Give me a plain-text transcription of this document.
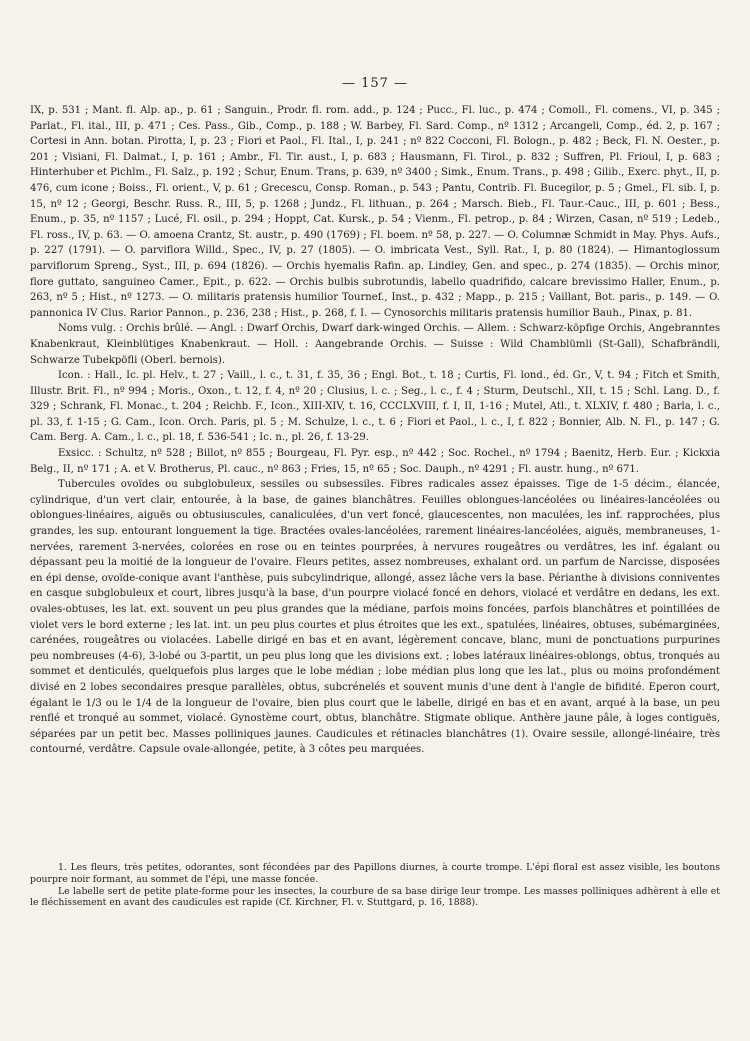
— 157 —

IX, p. 531 ; Mant. fl. Alp. ap., p. 61 ; Sanguin., Prodr. fl. rom. add., p. 124 ; Pucc., Fl. luc., p. 474 ; Comoll., Fl. comens., VI, p. 345 ; Parlat., Fl. ital., III, p. 471 ; Ces. Pass., Gib., Comp., p. 188 ; W. Barbey, Fl. Sard. Comp., nº 1312 ; Arcangeli, Comp., éd. 2, p. 167 ; Cortesi in Ann. botan. Pirotta, I, p. 23 ; Fiori et Paol., Fl. Ital., I, p. 241 ; nº 822 Cocconi, Fl. Bologn., p. 482 ; Beck, Fl. N. Oester., p. 201 ; Visiani, Fl. Dalmat., I, p. 161 ; Ambr., Fl. Tir. aust., I, p. 683 ; Hausmann, Fl. Tirol., p. 832 ; Suffren, Pl. Frioul, I, p. 683 ; Hinterhuber et Pichlm., Fl. Salz., p. 192 ; Schur, Enum. Trans, p. 639, nº 3400 ; Simk., Enum. Trans., p. 498 ; Gilib., Exerc. phyt., II, p. 476, cum icone ; Boiss., Fl. orient., V, p. 61 ; Grecescu, Consp. Roman., p. 543 ; Pantu, Contrib. Fl. Bucegilor, p. 5 ; Gmel., Fl. sib. I, p. 15, nº 12 ; Georgi, Beschr. Russ. R., III, 5, p. 1268 ; Jundz., Fl. lithuan., p. 264 ; Marsch. Bieb., Fl. Taur.-Cauc., III, p. 601 ; Bess., Enum., p. 35, nº 1157 ; Lucé, Fl. osil., p. 294 ; Hoppt, Cat. Kursk., p. 54 ; Vienm., Fl. petrop., p. 84 ; Wirzen, Casan, nº 519 ; Ledeb., Fl. ross., IV, p. 63. — O. amoena Crantz, St. austr., p. 490 (1769) ; Fl. boem. nº 58, p. 227. — O. Columnæ Schmidt in May. Phys. Aufs., p. 227 (1791). — O. parviflora Willd., Spec., IV, p. 27 (1805). — O. imbricata Vest., Syll. Rat., I, p. 80 (1824). — Himantoglossum parviflorum Spreng., Syst., III, p. 694 (1826). — Orchis hyemalis Rafin. ap. Lindley, Gen. and spec., p. 274 (1835). — Orchis minor, flore guttato, sanguineo Camer., Epit., p. 622. — Orchis bulbis subrotundis, labello quadrifido, calcare brevissimo Haller, Enum., p. 263, nº 5 ; Hist., nº 1273. — O. militaris pratensis humilior Tournef., Inst., p. 432 ; Mapp., p. 215 ; Vaillant, Bot. paris., p. 149. — O. pannonica IV Clus. Rarior Pannon., p. 236, 238 ; Hist., p. 268, f. I. — Cynosorchis militaris pratensis humilior Bauh., Pinax, p. 81.

Noms vulg. : Orchis brûlé. — Angl. : Dwarf Orchis, Dwarf dark-winged Orchis. — Allem. : Schwarz-köpfige Orchis, Angebranntes Knabenkraut, Kleinblütiges Knabenkraut. — Holl. : Aangebrande Orchis. — Suisse : Wild Chamblümli (St-Gall), Schafbrändli, Schwarze Tubekpöfli (Oberl. bernois).

Icon. : Hall., Ic. pl. Helv., t. 27 ; Vaill., l. c., t. 31, f. 35, 36 ; Engl. Bot., t. 18 ; Curtis, Fl. lond., éd. Gr., V, t. 94 ; Fitch et Smith, Illustr. Brit. Fl., nº 994 ; Moris., Oxon., t. 12, f. 4, nº 20 ; Clusius, l. c. ; Seg., l. c., f. 4 ; Sturm, Deutschl., XII, t. 15 ; Schl. Lang. D., f. 329 ; Schrank, Fl. Monac., t. 204 ; Reichb. F., Icon., XIII-XIV, t. 16, CCCLXVIII, f. I, II, 1-16 ; Mutel, Atl., t. XLXIV, f. 480 ; Barla, l. c., pl. 33, f. 1-15 ; G. Cam., Icon. Orch. Paris, pl. 5 ; M. Schulze, l. c., t. 6 ; Fiori et Paol., l. c., I, f. 822 ; Bonnier, Alb. N. Fl., p. 147 ; G. Cam. Berg. A. Cam., l. c., pl. 18, f. 536-541 ; Ic. n., pl. 26, f. 13-29.

Exsicc. : Schultz, nº 528 ; Billot, nº 855 ; Bourgeau, Fl. Pyr. esp., nº 442 ; Soc. Rochel., nº 1794 ; Baenitz, Herb. Eur. ; Kickxia Belg., II, nº 171 ; A. et V. Brotherus, Pl. cauc., nº 863 ; Fries, 15, nº 65 ; Soc. Dauph., nº 4291 ; Fl. austr. hung., nº 671.

Tubercules ovoïdes ou subglobuleux, sessiles ou subsessiles. Fibres radicales assez épaisses. Tige de 1-5 décim., élancée, cylindrique, d'un vert clair, entourée, à la base, de gaines blanchâtres. Feuilles oblongues-lancéolées ou linéaires-lancéolées ou oblongues-linéaires, aiguës ou obtusiuscules, canaliculées, d'un vert foncé, glaucescentes, non maculées, les inf. rapprochées, plus grandes, les sup. entourant longuement la tige. Bractées ovales-lancéolées, rarement linéaires-lancéolées, aiguës, membraneuses, 1-nervées, rarement 3-nervées, colorées en rose ou en teintes pourprées, à nervures rougeâtres ou verdâtres, les inf. égalant ou dépassant peu la moitié de la longueur de l'ovaire. Fleurs petites, assez nombreuses, exhalant ord. un parfum de Narcisse, disposées en épi dense, ovoïde-conique avant l'anthèse, puis subcylindrique, allongé, assez lâche vers la base. Périanthe à divisions conniventes en casque subglobuleux et court, libres jusqu'à la base, d'un pourpre violacé foncé en dehors, violacé et verdâtre en dedans, les ext. ovales-obtuses, les lat. ext. souvent un peu plus grandes que la médiane, parfois moins foncées, parfois blanchâtres et pointillées de violet vers le bord externe ; les lat. int. un peu plus courtes et plus étroites que les ext., spatulées, linéaires, obtuses, subémarginées, carénées, rougeâtres ou violacées. Labelle dirigé en bas et en avant, légèrement concave, blanc, muni de ponctuations purpurines peu nombreuses (4-6), 3-lobé ou 3-partit, un peu plus long que les divisions ext. ; lobes latéraux linéaires-oblongs, obtus, tronqués au sommet et denticulés, quelquefois plus larges que le lobe médian ; lobe médian plus long que les lat., plus ou moins profondément divisé en 2 lobes secondaires presque parallèles, obtus, subcrénelés et souvent munis d'une dent à l'angle de bifidité. Eperon court, égalant le 1/3 ou le 1/4 de la longueur de l'ovaire, bien plus court que le labelle, dirigé en bas et en avant, arqué à la base, un peu renflé et tronqué au sommet, violacé. Gynostème court, obtus, blanchâtre. Stigmate oblique. Anthère jaune pâle, à loges contiguës, séparées par un petit bec. Masses polliniques jaunes. Caudicules et rétinacles blanchâtres (1). Ovaire sessile, allongé-linéaire, très contourné, verdâtre. Capsule ovale-allongée, petite, à 3 côtes peu marquées.

1. Les fleurs, très petites, odorantes, sont fécondées par des Papillons diurnes, à courte trompe. L'épi floral est assez visible, les boutons pourpre noir formant, au sommet de l'épi, une masse foncée.

Le labelle sert de petite plate-forme pour les insectes, la courbure de sa base dirige leur trompe. Les masses polliniques adhèrent à elle et le fléchissement en avant des caudicules est rapide (Cf. Kirchner, Fl. v. Stuttgard, p. 16, 1888).
